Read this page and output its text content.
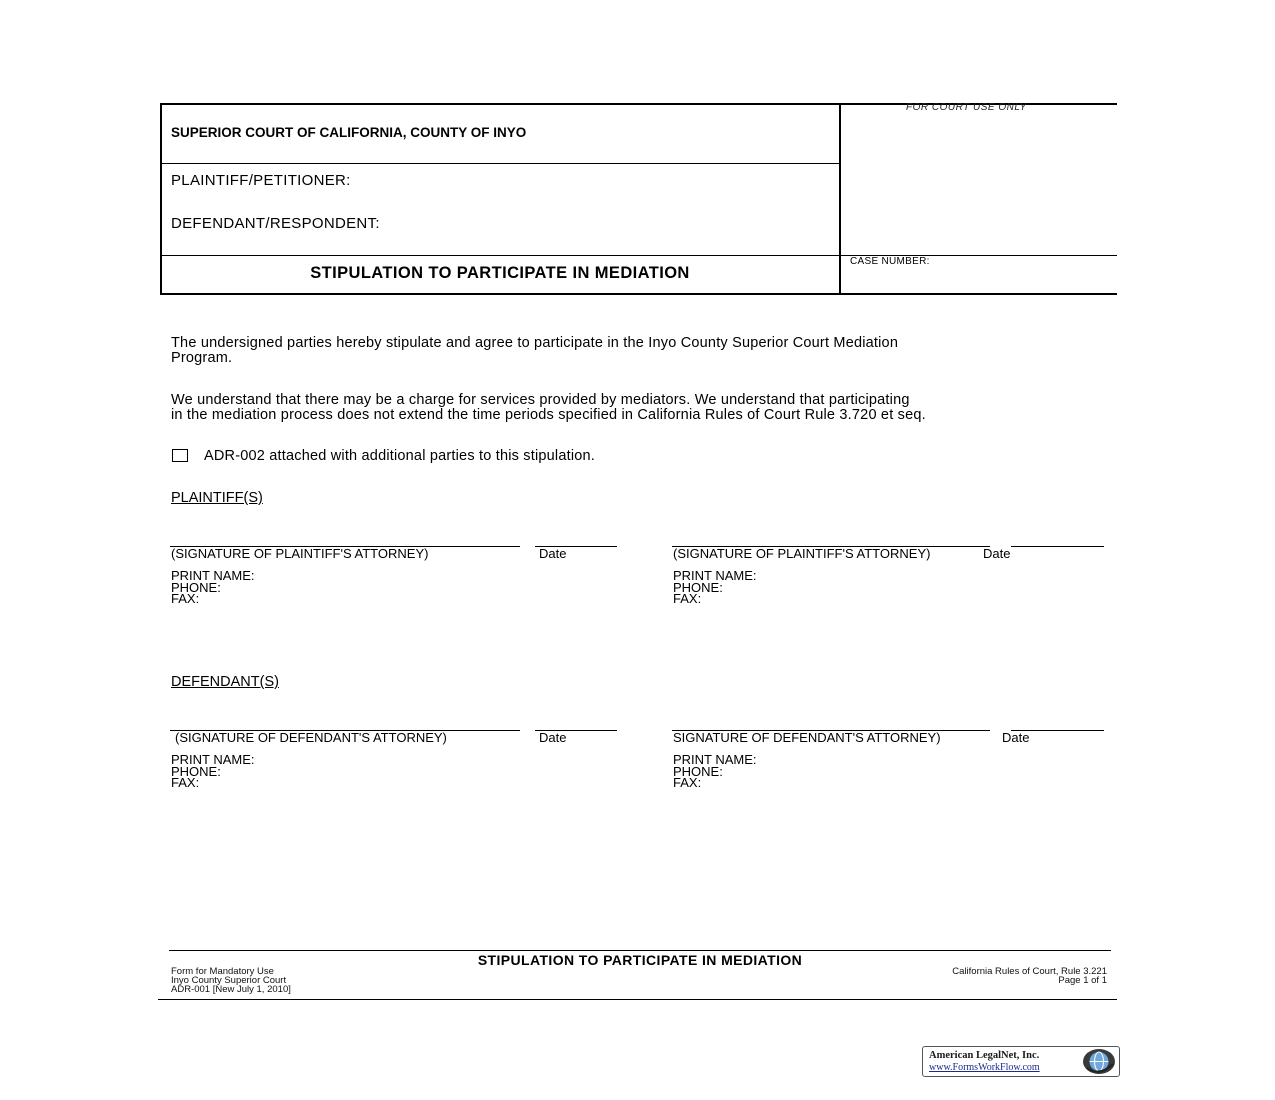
SUPERIOR COURT OF CALIFORNIA, COUNTY OF INYO
FOR COURT USE ONLY
PLAINTIFF/PETITIONER:
DEFENDANT/RESPONDENT:
STIPULATION TO PARTICIPATE IN MEDIATION
CASE NUMBER:
The undersigned parties hereby stipulate and agree to participate in the Inyo County Superior Court Mediation
Program.
We understand that there may be a charge for services provided by mediators. We understand that participating
in the mediation process does not extend the time periods specified in California Rules of Court Rule 3.720 et seq.
ADR-002 attached with additional parties to this stipulation.
PLAINTIFF(S)
(SIGNATURE OF PLAINTIFF'S ATTORNEY)	Date
PRINT NAME:
PHONE:
FAX:
(SIGNATURE OF PLAINTIFF'S ATTORNEY)	Date
PRINT NAME:
PHONE:
FAX:
DEFENDANT(S)
(SIGNATURE OF DEFENDANT'S ATTORNEY)	Date
PRINT NAME:
PHONE:
FAX:
SIGNATURE OF DEFENDANT'S ATTORNEY)	Date
PRINT NAME:
PHONE:
FAX:
STIPULATION TO PARTICIPATE IN MEDIATION
Form for Mandatory Use
Inyo County Superior Court
ADR-001 [New July 1, 2010]
California Rules of Court, Rule 3.221
Page 1 of 1
American LegalNet, Inc.
www.FormsWorkFlow.com
